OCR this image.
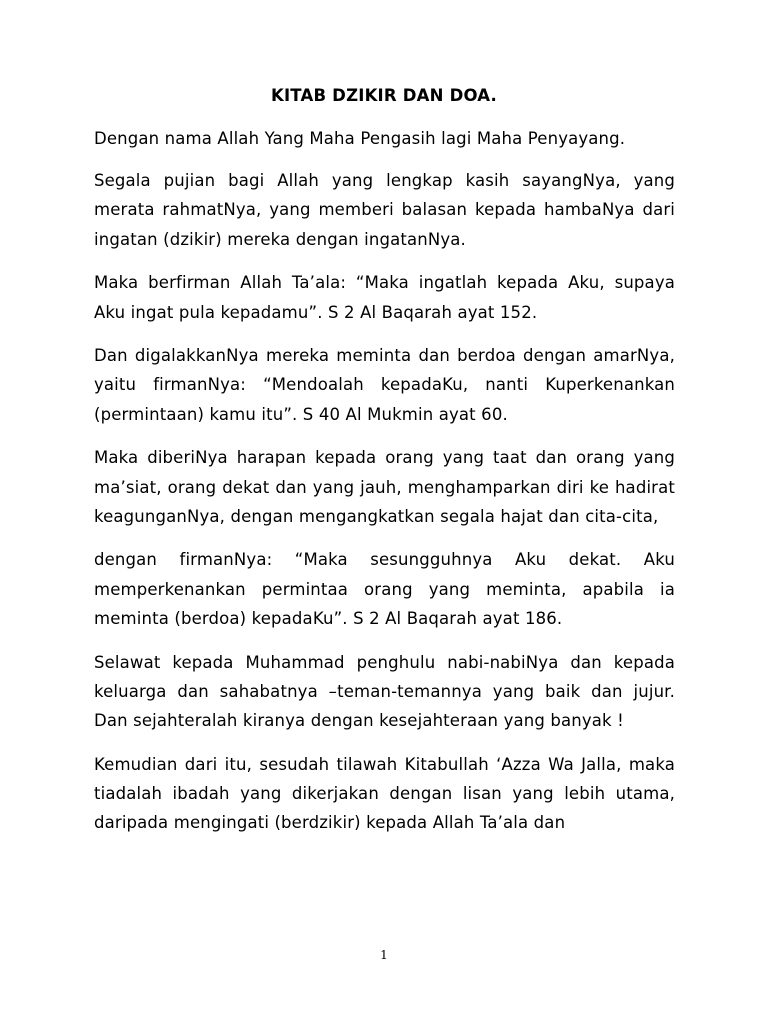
KITAB DZIKIR DAN DOA.

Dengan nama Allah Yang Maha Pengasih lagi Maha Penyayang.

Segala pujian bagi Allah yang lengkap kasih sayangNya, yang merata rahmatNya, yang memberi balasan kepada hambaNya dari ingatan (dzikir) mereka dengan ingatanNya.

Maka berfirman Allah Ta’ala: “Maka ingatlah kepada Aku, supaya Aku ingat pula kepadamu”. S 2 Al Baqarah ayat 152.

Dan digalakkanNya mereka meminta dan berdoa dengan amarNya, yaitu firmanNya: “Mendoalah kepadaKu, nanti Kuperkenankan (permintaan) kamu itu”. S 40 Al Mukmin ayat 60.

Maka diberiNya harapan kepada orang yang taat dan orang yang ma’siat, orang dekat dan yang jauh, menghamparkan diri ke hadirat keagunganNya, dengan mengangkatkan segala hajat dan cita-cita,

dengan firmanNya: “Maka sesungguhnya Aku dekat. Aku memperkenankan permintaa orang yang meminta, apabila ia meminta (berdoa) kepadaKu”. S 2 Al Baqarah ayat 186.

Selawat kepada Muhammad penghulu nabi-nabiNya dan kepada keluarga dan sahabatnya –teman-temannya yang baik dan jujur. Dan sejahteralah kiranya dengan kesejahteraan yang banyak !

Kemudian dari itu, sesudah tilawah Kitabullah ‘Azza Wa Jalla, maka tiadalah ibadah yang dikerjakan dengan lisan yang lebih utama, daripada mengingati (berdzikir) kepada Allah Ta’ala dan

1
